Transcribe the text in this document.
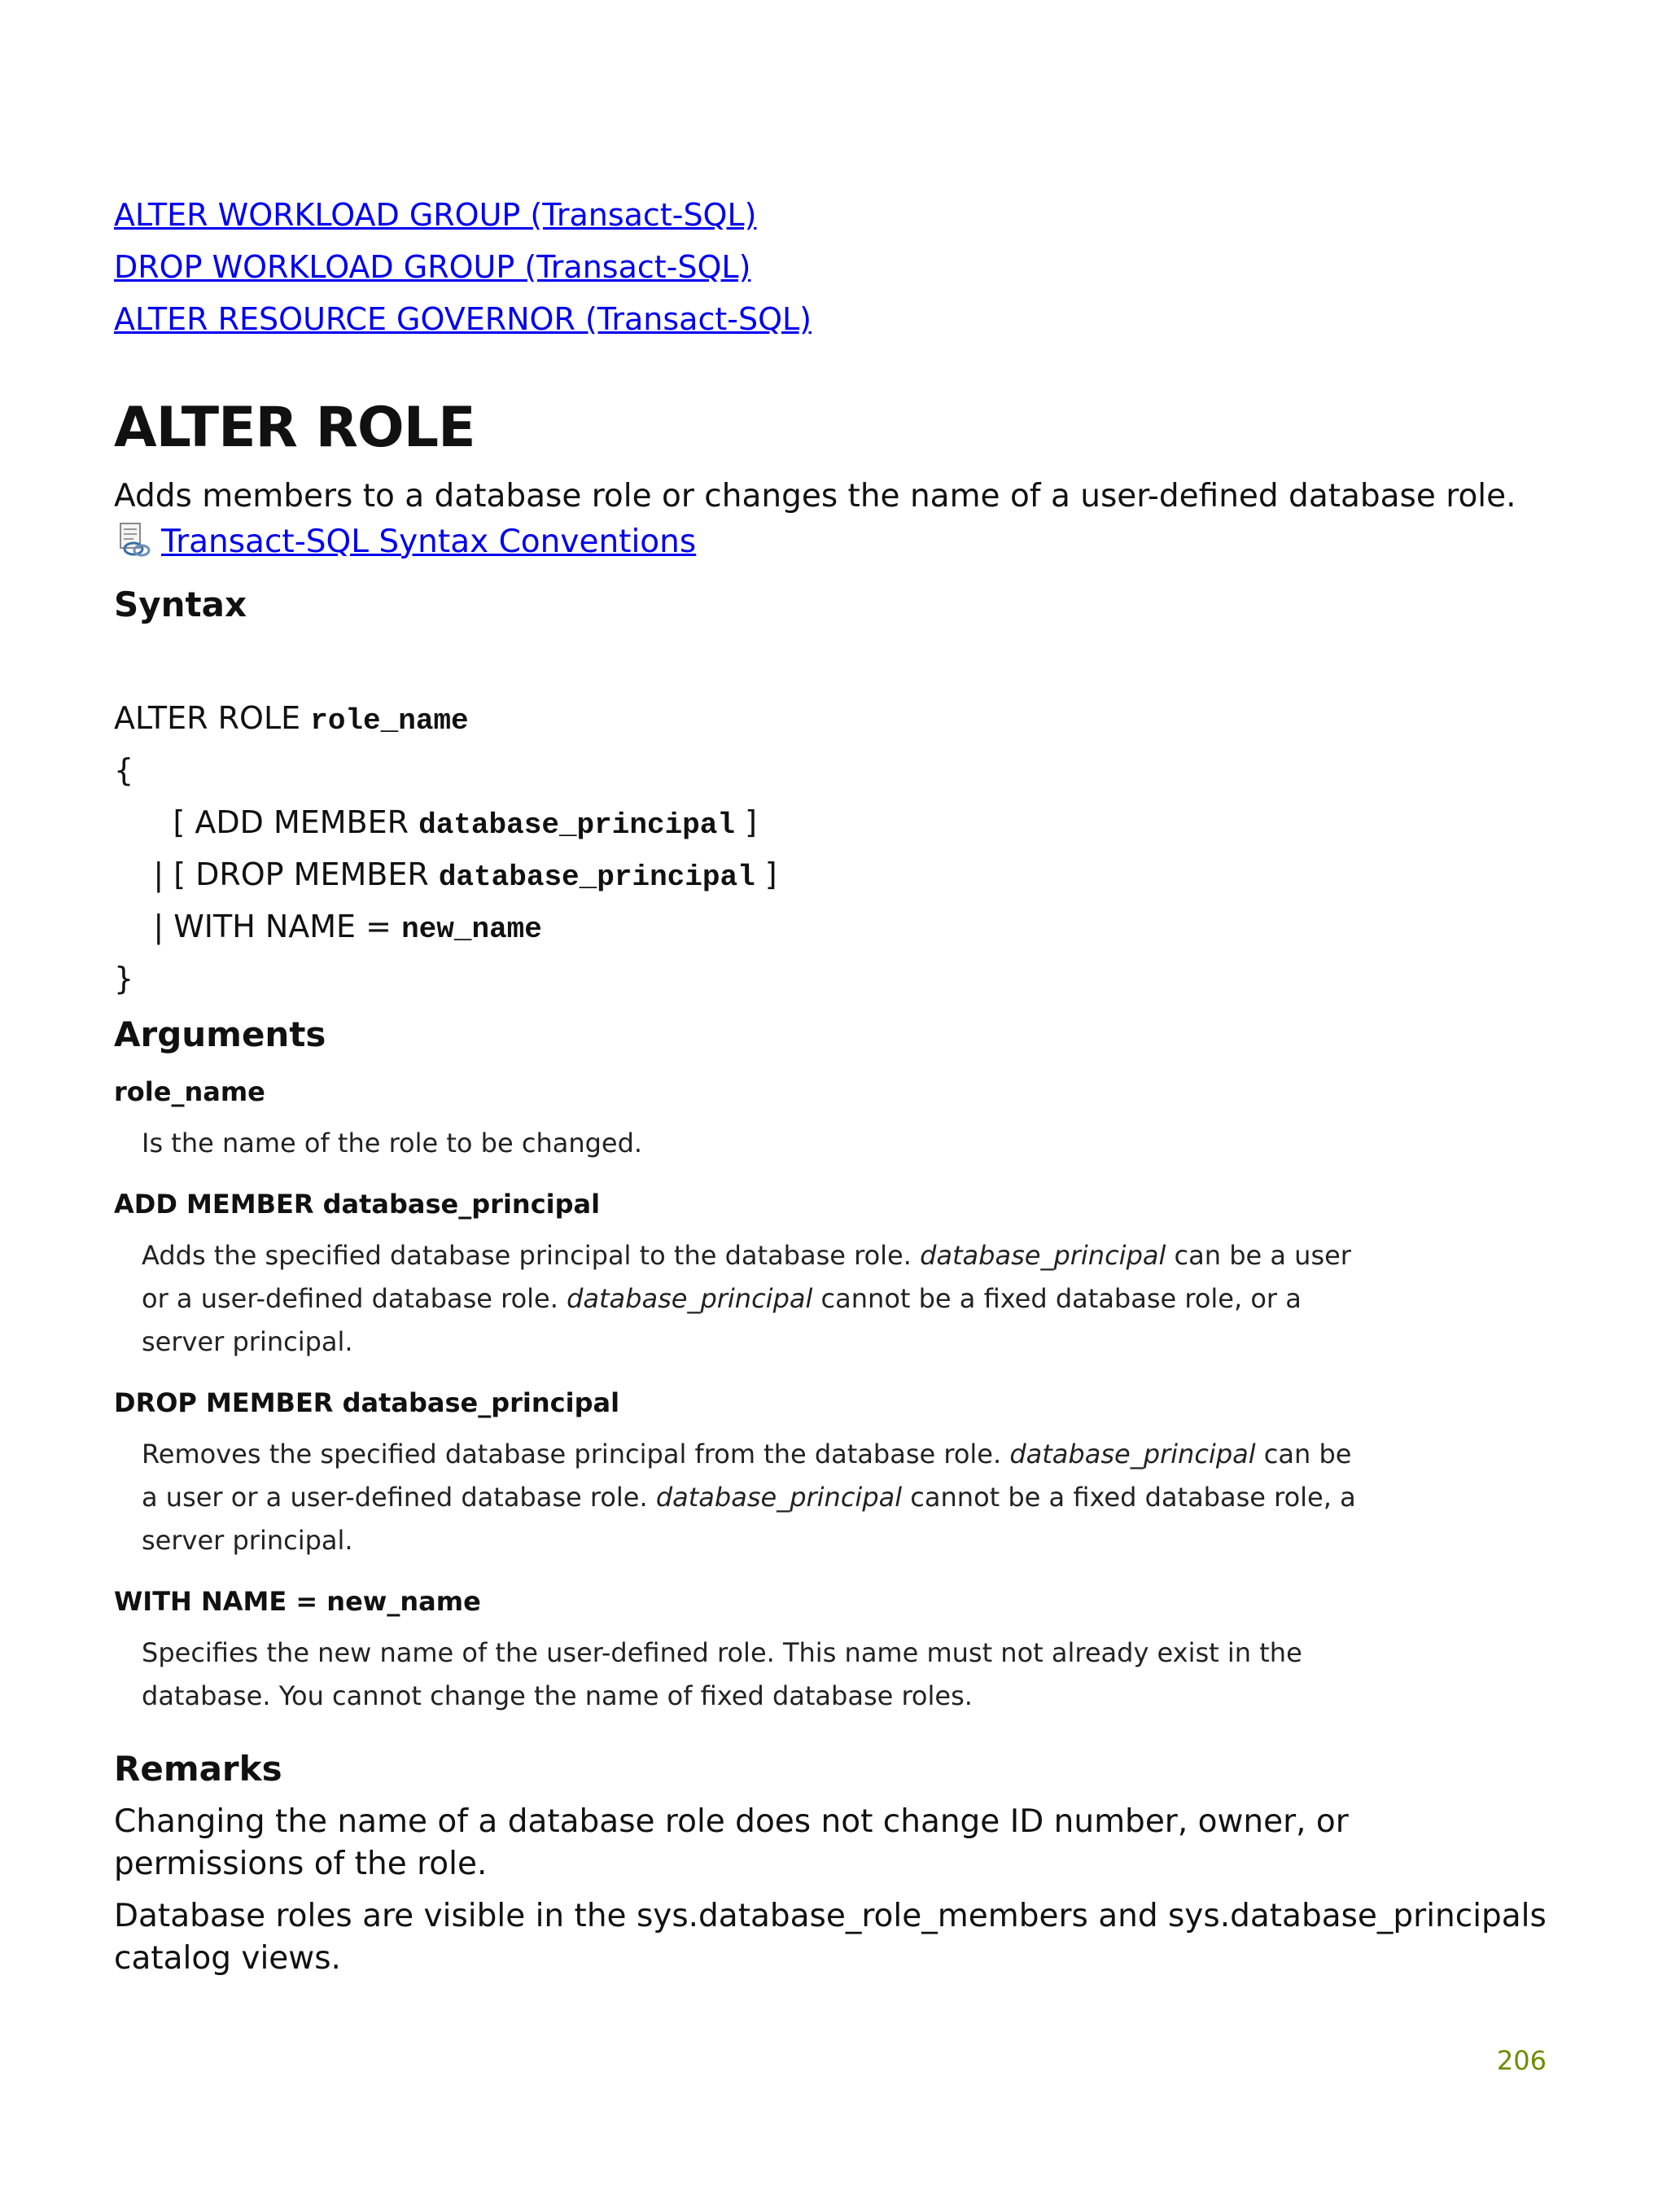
ALTER WORKLOAD GROUP (Transact-SQL)
DROP WORKLOAD GROUP (Transact-SQL)
ALTER RESOURCE GOVERNOR (Transact-SQL)
ALTER ROLE

Adds members to a database role or changes the name of a user-defined database role.

Transact-SQL Syntax Conventions
Syntax
ALTER ROLE role_name
{
[ ADD MEMBER database_principal ]
| [ DROP MEMBER database_principal ]
| WITH NAME = new_name
}
Arguments

role_name

Is the name of the role to be changed.

ADD MEMBER database_principal

Adds the specified database principal to the database role. database_principal can be a user or a user-defined database role. database_principal cannot be a fixed database role, or a server principal.

DROP MEMBER database_principal

Removes the specified database principal from the database role. database_principal can be a user or a user-defined database role. database_principal cannot be a fixed database role, a server principal.

WITH NAME = new_name

Specifies the new name of the user-defined role. This name must not already exist in the database. You cannot change the name of fixed database roles.

Remarks

Changing the name of a database role does not change ID number, owner, or permissions of the role.

Database roles are visible in the sys.database_role_members and sys.database_principals catalog views.

206
